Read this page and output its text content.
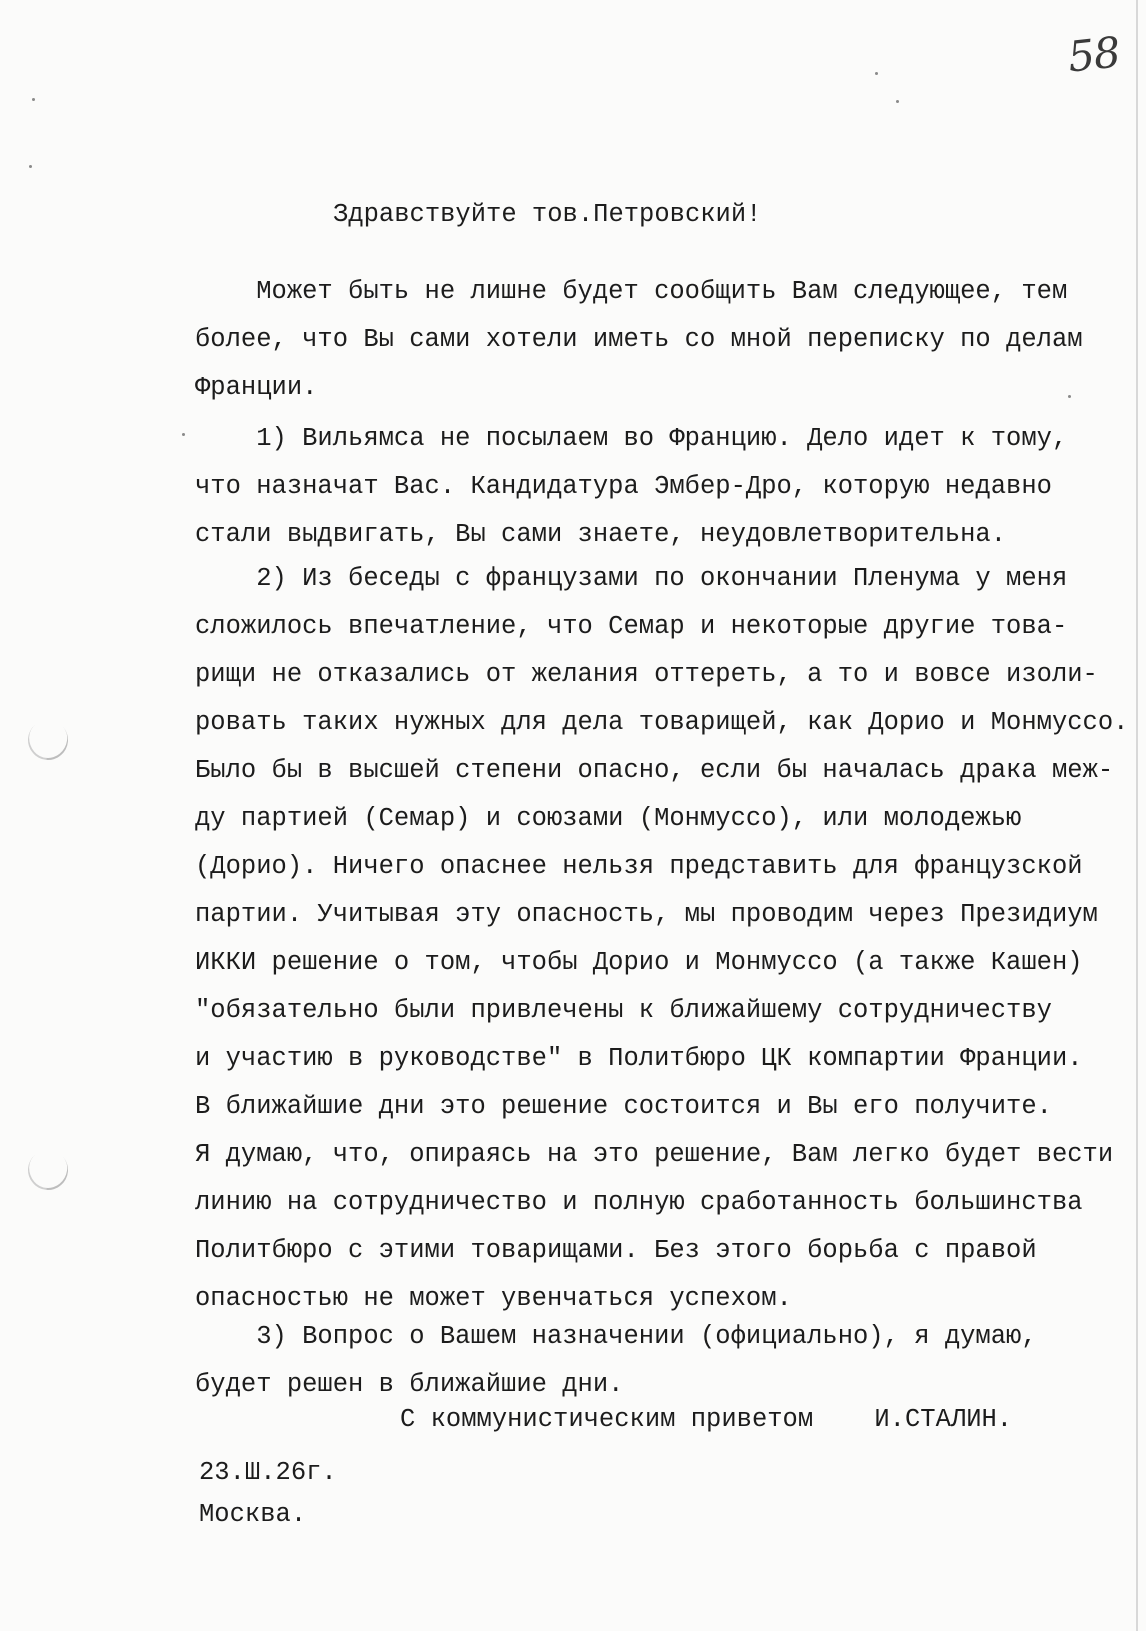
58
Здравствуйте тов.Петровский!

Может быть не лишне будет сообщить Вам следующее, тем
более, что Вы сами хотели иметь со мной переписку по делам
Франции.

1) Вильямса не посылаем во Францию. Дело идет к тому,
что назначат Вас. Кандидатура Эмбер-Дро, которую недавно
стали выдвигать, Вы сами знаете, неудовлетворительна.

2) Из беседы с французами по окончании Пленума у меня
сложилось впечатление, что Семар и некоторые другие това-
рищи не отказались от желания оттереть, а то и вовсе изоли-
ровать таких нужных для дела товарищей, как Дорио и Монмуссо.
Было бы в высшей степени опасно, если бы началась драка меж-
ду партией (Семар) и союзами (Монмуссо), или молодежью
(Дорио). Ничего опаснее нельзя представить для французской
партии. Учитывая эту опасность, мы проводим через Президиум
ИККИ решение о том, чтобы Дорио и Монмуссо (а также Кашен)
"обязательно были привлечены к ближайшему сотрудничеству
и участию в руководстве" в Политбюро ЦК компартии Франции.
В ближайшие дни это решение состоится и Вы его получите.
Я думаю, что, опираясь на это решение, Вам легко будет вести
линию на сотрудничество и полную сработанность большинства
Политбюро с этими товарищами. Без этого борьба с правой
опасностью не может увенчаться успехом.

3) Вопрос о Вашем назначении (официально), я думаю,
будет решен в ближайшие дни.

С коммунистическим приветом    И.СТАЛИН.
23.Ш.26г.
Москва.
